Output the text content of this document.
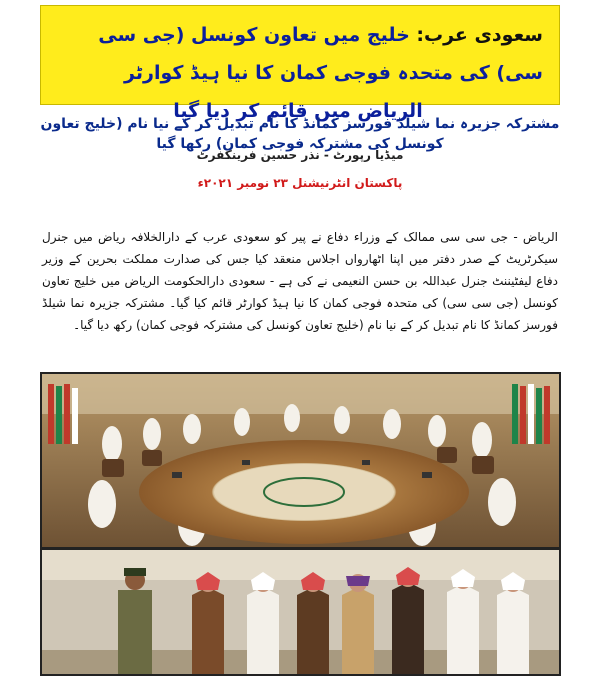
سعودی عرب: خلیج میں تعاون کونسل (جی سی سی) کی متحدہ فوجی کمان کا نیا ہیڈ کوارٹر
الریاض میں قائم کر دیا گیا
مشترکہ جزیرہ نما شیلڈ فورسز کمانڈ کا نام تبدیل کر کے نیا نام (خلیج تعاون کونسل کی مشترکہ فوجی کمان) رکھا گیا
میڈیا رپورٹ - نذر حسین فرینکفرٹ
پاکستان انٹرنیشنل ۲۳ نومبر ۲۰۲۱ء
الریاض - جی سی سی ممالک کے وزراء دفاع نے پیر کو سعودی عرب کے دارالخلافہ ریاض میں جنرل سیکرٹریٹ کے صدر دفتر میں اپنا اٹھارواں اجلاس منعقد کیا جس کی صدارت مملکت بحرین کے وزیر دفاع لیفٹیننٹ جنرل عبداللہ بن حسن النعیمی نے کی ہے - سعودی دارالحکومت الریاض میں خلیج تعاون کونسل (جی سی سی) کی متحدہ فوجی کمان کا نیا ہیڈ کوارٹر قائم کیا گیا۔ مشترکہ جزیرہ نما شیلڈ فورسز کمانڈ کا نام تبدیل کر کے نیا نام (خلیج تعاون کونسل کی مشترکہ فوجی کمان) رکھ دیا گیا۔
